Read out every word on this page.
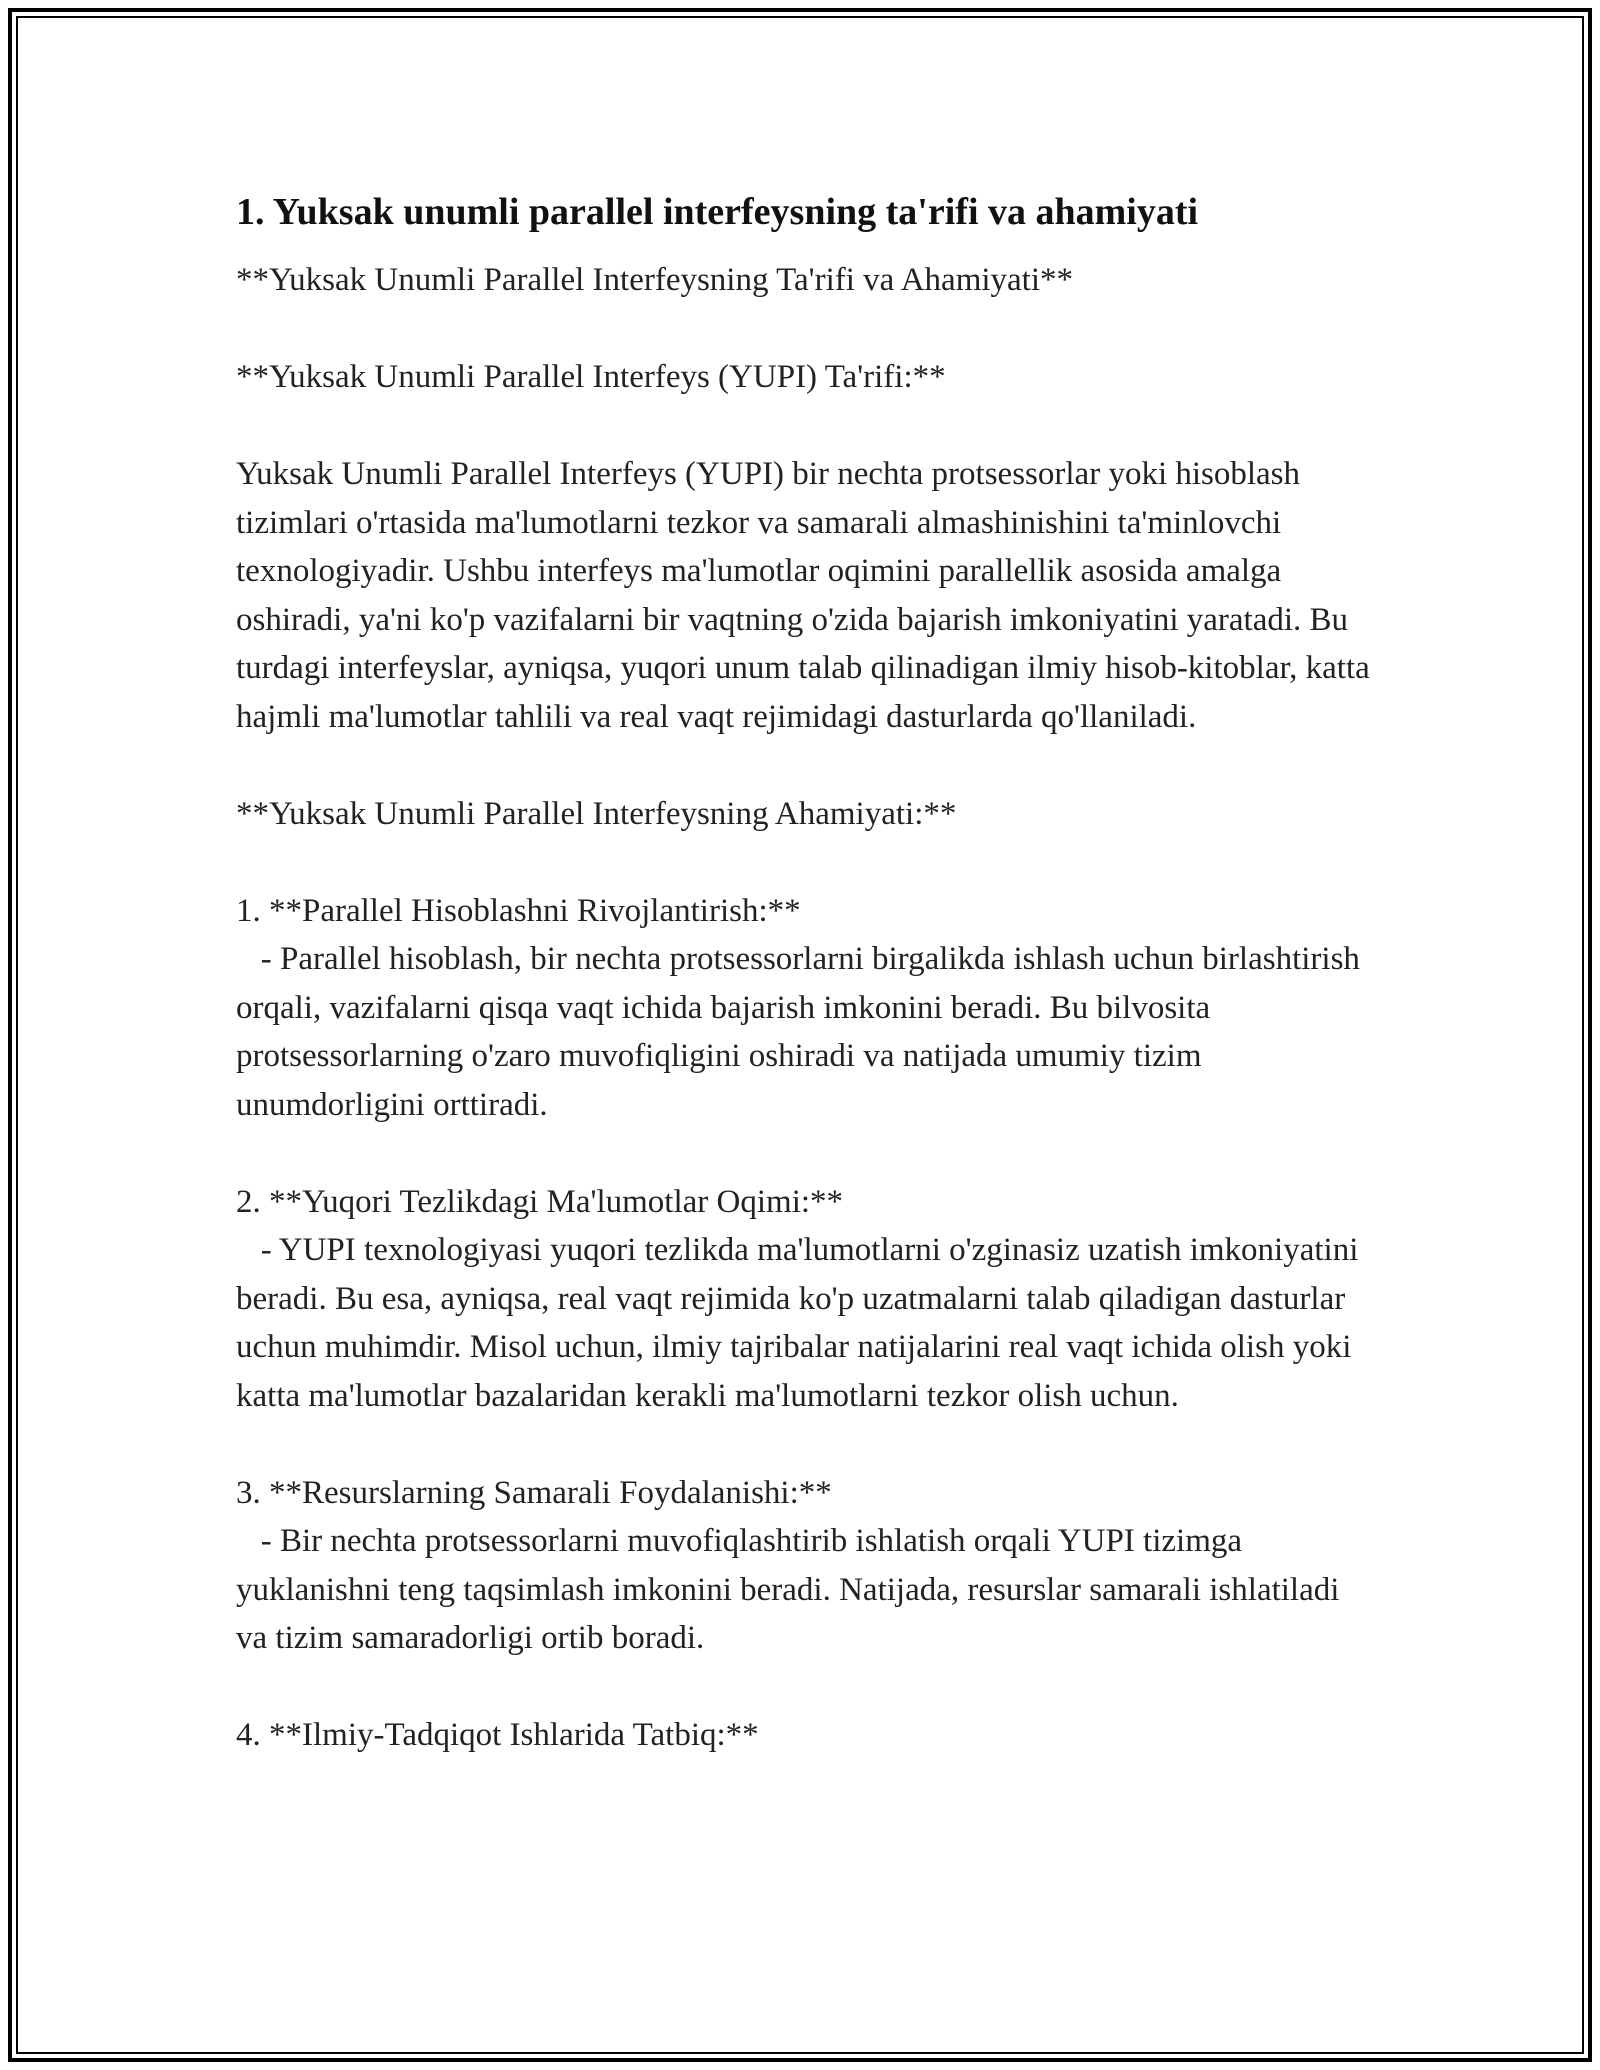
1. Yuksak unumli parallel interfeysning ta'rifi va ahamiyati

**Yuksak Unumli Parallel Interfeysning Ta'rifi va Ahamiyati**

**Yuksak Unumli Parallel Interfeys (YUPI) Ta'rifi:**

Yuksak Unumli Parallel Interfeys (YUPI) bir nechta protsessorlar yoki hisoblash tizimlari o'rtasida ma'lumotlarni tezkor va samarali almashinishini ta'minlovchi texnologiyadir. Ushbu interfeys ma'lumotlar oqimini parallellik asosida amalga oshiradi, ya'ni ko'p vazifalarni bir vaqtning o'zida bajarish imkoniyatini yaratadi. Bu turdagi interfeyslar, ayniqsa, yuqori unum talab qilinadigan ilmiy hisob-kitoblar, katta hajmli ma'lumotlar tahlili va real vaqt rejimidagi dasturlarda qo'llaniladi.

**Yuksak Unumli Parallel Interfeysning Ahamiyati:**

1. **Parallel Hisoblashni Rivojlantirish:**

- Parallel hisoblash, bir nechta protsessorlarni birgalikda ishlash uchun birlashtirish orqali, vazifalarni qisqa vaqt ichida bajarish imkonini beradi. Bu bilvosita protsessorlarning o'zaro muvofiqligini oshiradi va natijada umumiy tizim unumdorligini orttiradi.

2. **Yuqori Tezlikdagi Ma'lumotlar Oqimi:**

- YUPI texnologiyasi yuqori tezlikda ma'lumotlarni o'zginasiz uzatish imkoniyatini beradi. Bu esa, ayniqsa, real vaqt rejimida ko'p uzatmalarni talab qiladigan dasturlar uchun muhimdir. Misol uchun, ilmiy tajribalar natijalarini real vaqt ichida olish yoki katta ma'lumotlar bazalaridan kerakli ma'lumotlarni tezkor olish uchun.

3. **Resurslarning Samarali Foydalanishi:**

- Bir nechta protsessorlarni muvofiqlashtirib ishlatish orqali YUPI tizimga yuklanishni teng taqsimlash imkonini beradi. Natijada, resurslar samarali ishlatiladi va tizim samaradorligi ortib boradi.

4. **Ilmiy-Tadqiqot Ishlarida Tatbiq:**
